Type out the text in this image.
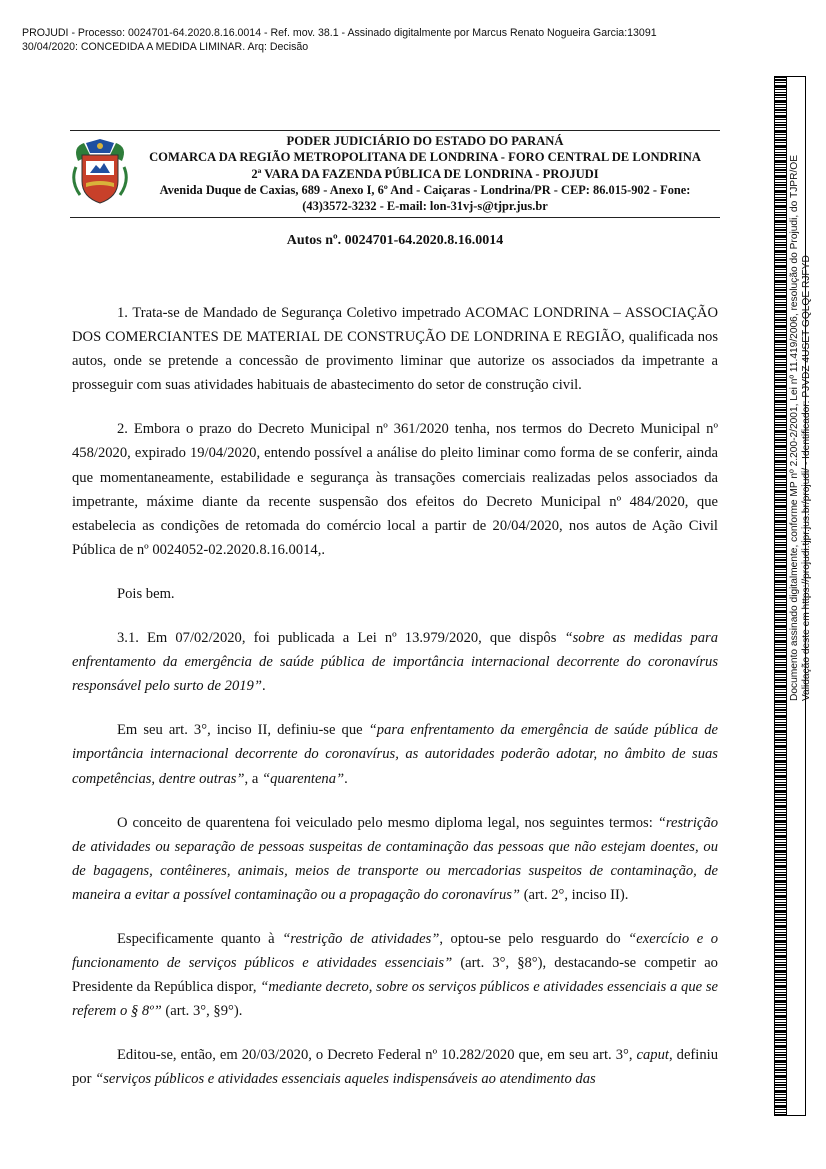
PROJUDI - Processo: 0024701-64.2020.8.16.0014 - Ref. mov. 38.1 - Assinado digitalmente por Marcus Renato Nogueira Garcia:13091
30/04/2020: CONCEDIDA A MEDIDA LIMINAR. Arq: Decisão
PODER JUDICIÁRIO DO ESTADO DO PARANÁ
COMARCA DA REGIÃO METROPOLITANA DE LONDRINA - FORO CENTRAL DE LONDRINA
2ª VARA DA FAZENDA PÚBLICA DE LONDRINA - PROJUDI
Avenida Duque de Caxias, 689 - Anexo I, 6º And - Caiçaras - Londrina/PR - CEP: 86.015-902 - Fone:
(43)3572-3232 - E-mail: lon-31vj-s@tjpr.jus.br
Autos nº. 0024701-64.2020.8.16.0014

1. Trata-se de Mandado de Segurança Coletivo impetrado ACOMAC LONDRINA – ASSOCIAÇÃO DOS COMERCIANTES DE MATERIAL DE CONSTRUÇÃO DE LONDRINA E REGIÃO, qualificada nos autos, onde se pretende a concessão de provimento liminar que autorize os associados da impetrante a prosseguir com suas atividades habituais de abastecimento do setor de construção civil.

2. Embora o prazo do Decreto Municipal nº 361/2020 tenha, nos termos do Decreto Municipal nº 458/2020, expirado 19/04/2020, entendo possível a análise do pleito liminar como forma de se conferir, ainda que momentaneamente, estabilidade e segurança às transações comerciais realizadas pelos associados da impetrante, máxime diante da recente suspensão dos efeitos do Decreto Municipal nº 484/2020, que estabelecia as condições de retomada do comércio local a partir de 20/04/2020, nos autos de Ação Civil Pública de nº 0024052-02.2020.8.16.0014,.

Pois bem.

3.1. Em 07/02/2020, foi publicada a Lei nº 13.979/2020, que dispôs “sobre as medidas para enfrentamento da emergência de saúde pública de importância internacional decorrente do coronavírus responsável pelo surto de 2019”.

Em seu art. 3°, inciso II, definiu-se que “para enfrentamento da emergência de saúde pública de importância internacional decorrente do coronavírus, as autoridades poderão adotar, no âmbito de suas competências, dentre outras”, a “quarentena”.

O conceito de quarentena foi veiculado pelo mesmo diploma legal, nos seguintes termos: “restrição de atividades ou separação de pessoas suspeitas de contaminação das pessoas que não estejam doentes, ou de bagagens, contêineres, animais, meios de transporte ou mercadorias suspeitos de contaminação, de maneira a evitar a possível contaminação ou a propagação do coronavírus” (art. 2°, inciso II).

Especificamente quanto à “restrição de atividades”, optou-se pelo resguardo do “exercício e o funcionamento de serviços públicos e atividades essenciais” (art. 3°, §8°), destacando-se competir ao Presidente da República dispor, “mediante decreto, sobre os serviços públicos e atividades essenciais a que se referem o § 8º” (art. 3°, §9°).

Editou-se, então, em 20/03/2020, o Decreto Federal nº 10.282/2020 que, em seu art. 3°, caput, definiu por “serviços públicos e atividades essenciais aqueles indispensáveis ao atendimento das

Documento assinado digitalmente, conforme MP nº 2.200-2/2001, Lei nº 11.419/2006, resolução do Projudi, do TJPR/OE Validação deste em https://projudi.tjpr.jus.br/projudi/ - Identificador: PJVDZ 4USET GQLQE RJFYD
